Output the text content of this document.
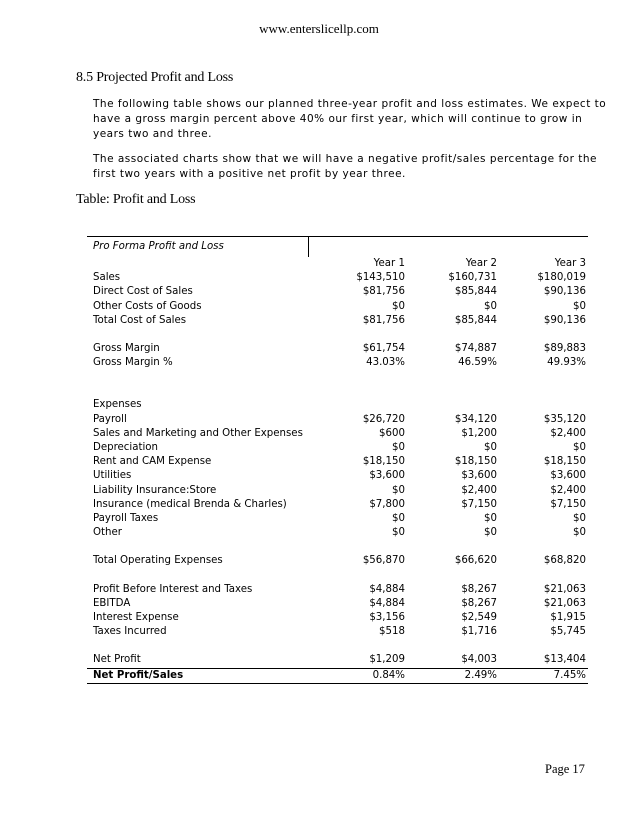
www.enterslicellp.com
8.5 Projected Profit and Loss
The following table shows our planned three-year profit and loss estimates. We expect to have a gross margin percent above 40% our first year, which will continue to grow in years two and three.
The associated charts show that we will have a negative profit/sales percentage for the first two years with a positive net profit by year three.
Table: Profit and Loss
Pro Forma Profit and Loss			
	Year 1	Year 2	Year 3
Sales	$143,510	$160,731	$180,019
Direct Cost of Sales	$81,756	$85,844	$90,136
Other Costs of Goods	$0	$0	$0
Total Cost of Sales	$81,756	$85,844	$90,136

Gross Margin	$61,754	$74,887	$89,883
Gross Margin %	43.03%	46.59%	49.93%

Expenses			
Payroll	$26,720	$34,120	$35,120
Sales and Marketing and Other Expenses	$600	$1,200	$2,400
Depreciation	$0	$0	$0
Rent and CAM Expense	$18,150	$18,150	$18,150
Utilities	$3,600	$3,600	$3,600
Liability Insurance:Store	$0	$2,400	$2,400
Insurance (medical Brenda & Charles)	$7,800	$7,150	$7,150
Payroll Taxes	$0	$0	$0
Other	$0	$0	$0

Total Operating Expenses	$56,870	$66,620	$68,820

Profit Before Interest and Taxes	$4,884	$8,267	$21,063
EBITDA	$4,884	$8,267	$21,063
Interest Expense	$3,156	$2,549	$1,915
Taxes Incurred	$518	$1,716	$5,745

Net Profit	$1,209	$4,003	$13,404
Net Profit/Sales	0.84%	2.49%	7.45%
Page 17
